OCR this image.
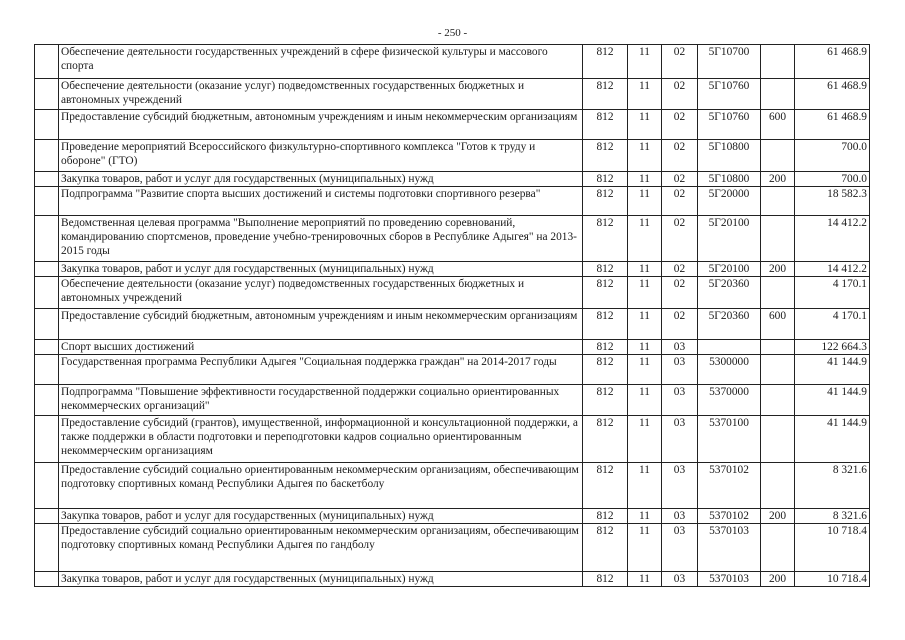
- 250 -
	Обеспечение деятельности государственных учреждений в сфере физической культуры и массового спорта	812	11	02	5Г10700		61 468.9
	Обеспечение деятельности (оказание услуг) подведомственных государственных бюджетных и автономных учреждений	812	11	02	5Г10760		61 468.9
	Предоставление субсидий бюджетным, автономным учреждениям и иным некоммерческим организациям	812	11	02	5Г10760	600	61 468.9
	Проведение мероприятий Всероссийского физкультурно-спортивного комплекса "Готов к труду и обороне" (ГТО)	812	11	02	5Г10800		700.0
	Закупка товаров, работ и услуг для государственных (муниципальных) нужд	812	11	02	5Г10800	200	700.0
	Подпрограмма "Развитие спорта высших достижений и системы подготовки спортивного резерва"	812	11	02	5Г20000		18 582.3
	Ведомственная целевая программа "Выполнение мероприятий по проведению соревнований, командированию спортсменов, проведение учебно-тренировочных сборов в Республике Адыгея" на 2013-2015 годы	812	11	02	5Г20100		14 412.2
	Закупка товаров, работ и услуг для государственных (муниципальных) нужд	812	11	02	5Г20100	200	14 412.2
	Обеспечение деятельности (оказание услуг) подведомственных государственных бюджетных и автономных учреждений	812	11	02	5Г20360		4 170.1
	Предоставление субсидий бюджетным, автономным учреждениям и иным некоммерческим организациям	812	11	02	5Г20360	600	4 170.1
	Спорт высших достижений	812	11	03			122 664.3
	Государственная программа Республики Адыгея "Социальная поддержка граждан" на 2014-2017 годы	812	11	03	5300000		41 144.9
	Подпрограмма "Повышение эффективности государственной поддержки социально ориентированных некоммерческих организаций"	812	11	03	5370000		41 144.9
	Предоставление субсидий (грантов), имущественной, информационной и консультационной поддержки, а также поддержки в области подготовки и переподготовки кадров социально ориентированным некоммерческим организациям	812	11	03	5370100		41 144.9
	Предоставление субсидий социально ориентированным некоммерческим организациям, обеспечивающим подготовку спортивных команд Республики Адыгея по баскетболу	812	11	03	5370102		8 321.6
	Закупка товаров, работ и услуг для государственных (муниципальных) нужд	812	11	03	5370102	200	8 321.6
	Предоставление субсидий социально ориентированным некоммерческим организациям, обеспечивающим подготовку спортивных команд Республики Адыгея по гандболу	812	11	03	5370103		10 718.4
	Закупка товаров, работ и услуг для государственных (муниципальных) нужд	812	11	03	5370103	200	10 718.4
